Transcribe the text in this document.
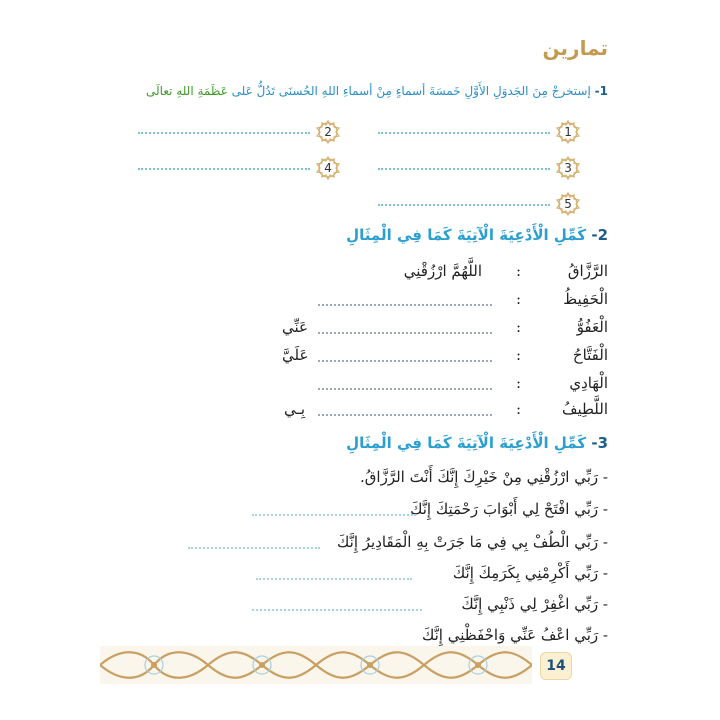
تمارين
1- إستخرجْ مِنَ الجَدوَلِ الأَوَّلِ خَمسَةَ أسماءٍ مِنْ أسماءِ اللهِ الحُسنَى تَدُلُّ عَلى عَظَمَةِ اللهِ تعالَى
1
2
3
4
5
2- كَمِّلِ الْأَدْعِيَةَ الْآتِيَةَ كَمَا فِي الْمِثَالِ
الرَّزَّاقُ
:
اللَّهُمَّ ارْزُقْنِي
الْحَفِيظُ
:
الْعَفُوُّ
:
عَنِّي
الْفَتَّاحُ
:
عَلَيَّ
الْهَادِي
:
اللَّطِيفُ
:
بِـي
3- كَمِّلِ الْأَدْعِيَةَ الْآتِيَةَ كَمَا فِي الْمِثَالِ
- رَبِّي ارْزُقْنِي مِنْ خَيْرِكَ إِنَّكَ أَنْتَ الرَّزَّاقُ.
- رَبِّي افْتَحْ لِي أَبْوَابَ رَحْمَتِكَ إِنَّكَ
- رَبِّي الْطُفْ بِي فِي مَا جَرَتْ بِهِ الْمَقَادِيرُ إِنَّكَ
- رَبِّي أَكْرِمْنِي بِكَرَمِكَ إِنَّكَ
- رَبِّي اغْفِرْ لِي ذَنْبِي إِنَّكَ
- رَبِّي اعْفُ عَنِّي وَاحْفَظْنِي إِنَّكَ
14
